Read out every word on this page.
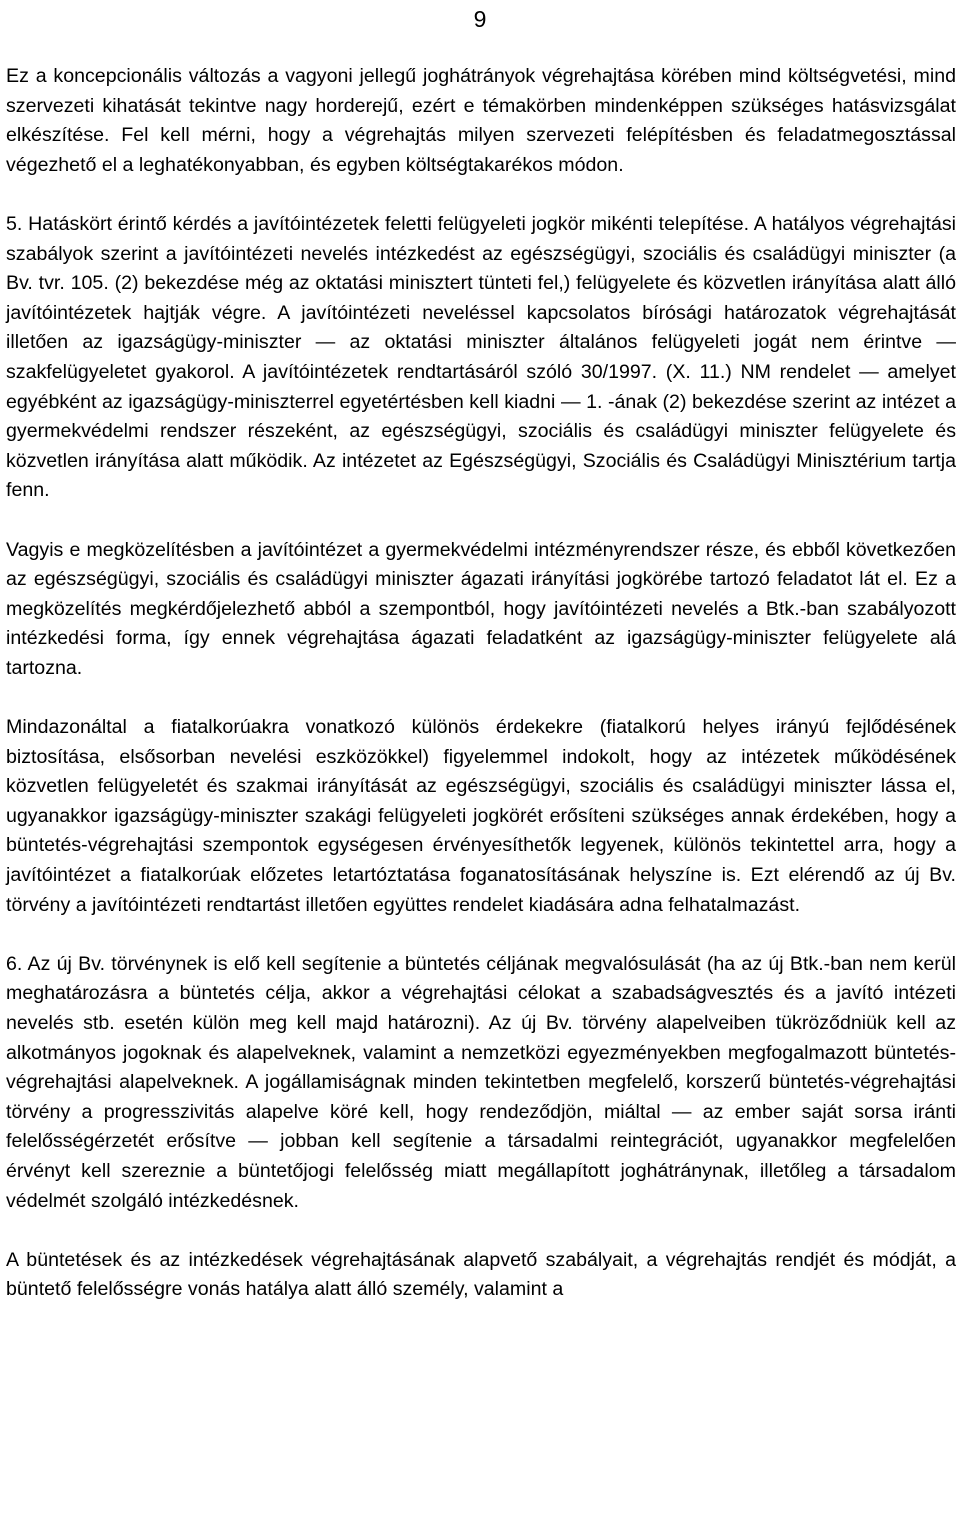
9

Ez a koncepcionális változás a vagyoni jellegű joghátrányok végrehajtása körében mind költségvetési, mind szervezeti kihatását tekintve nagy horderejű, ezért e témakörben mindenképpen szükséges hatásvizsgálat elkészítése. Fel kell mérni, hogy a végrehajtás milyen szervezeti felépítésben és feladatmegosztással végezhető el a leghatékonyabban, és egyben költségtakarékos módon.

5. Hatáskört érintő kérdés a javítóintézetek feletti felügyeleti jogkör mikénti telepítése. A hatályos végrehajtási szabályok szerint a javítóintézeti nevelés intézkedést az egészségügyi, szociális és családügyi miniszter (a Bv. tvr. 105. (2) bekezdése még az oktatási minisztert tünteti fel,) felügyelete és közvetlen irányítása alatt álló javítóintézetek hajtják végre. A javítóintézeti neveléssel kapcsolatos bírósági határozatok végrehajtását illetően az igazságügy-miniszter — az oktatási miniszter általános felügyeleti jogát nem érintve — szakfelügyeletet gyakorol. A javítóintézetek rendtartásáról szóló 30/1997. (X. 11.) NM rendelet — amelyet egyébként az igazságügy-miniszterrel egyetértésben kell kiadni — 1. -ának (2) bekezdése szerint az intézet a gyermekvédelmi rendszer részeként, az egészségügyi, szociális és családügyi miniszter felügyelete és közvetlen irányítása alatt működik. Az intézetet az Egészségügyi, Szociális és Családügyi Minisztérium tartja fenn.

Vagyis e megközelítésben a javítóintézet a gyermekvédelmi intézményrendszer része, és ebből következően az egészségügyi, szociális és családügyi miniszter ágazati irányítási jogkörébe tartozó feladatot lát el. Ez a megközelítés megkérdőjelezhető abból a szempontból, hogy javítóintézeti nevelés a Btk.-ban szabályozott intézkedési forma, így ennek végrehajtása ágazati feladatként az igazságügy-miniszter felügyelete alá tartozna.

Mindazonáltal a fiatalkorúakra vonatkozó különös érdekekre (fiatalkorú helyes irányú fejlődésének biztosítása, elsősorban nevelési eszközökkel) figyelemmel indokolt, hogy az intézetek működésének közvetlen felügyeletét és szakmai irányítását az egészségügyi, szociális és családügyi miniszter lássa el, ugyanakkor igazságügy-miniszter szakági felügyeleti jogkörét erősíteni szükséges annak érdekében, hogy a büntetés-végrehajtási szempontok egységesen érvényesíthetők legyenek, különös tekintettel arra, hogy a javítóintézet a fiatalkorúak előzetes letartóztatása foganatosításának helyszíne is. Ezt elérendő az új Bv. törvény a javítóintézeti rendtartást illetően együttes rendelet kiadására adna felhatalmazást.

6. Az új Bv. törvénynek is elő kell segítenie a büntetés céljának megvalósulását (ha az új Btk.-ban nem kerül meghatározásra a büntetés célja, akkor a végrehajtási célokat a szabadságvesztés és a javító intézeti nevelés stb. esetén külön meg kell majd határozni). Az új Bv. törvény alapelveiben tükröződniük kell az alkotmányos jogoknak és alapelveknek, valamint a nemzetközi egyezményekben megfogalmazott büntetés-végrehajtási alapelveknek. A jogállamiságnak minden tekintetben megfelelő, korszerű büntetés-végrehajtási törvény a progresszivitás alapelve köré kell, hogy rendeződjön, miáltal — az ember saját sorsa iránti felelősségérzetét erősítve — jobban kell segítenie a társadalmi reintegrációt, ugyanakkor megfelelően érvényt kell szereznie a büntetőjogi felelősség miatt megállapított joghátránynak, illetőleg a társadalom védelmét szolgáló intézkedésnek.

A büntetések és az intézkedések végrehajtásának alapvető szabályait, a végrehajtás rendjét és módját, a büntető felelősségre vonás hatálya alatt álló személy, valamint a
